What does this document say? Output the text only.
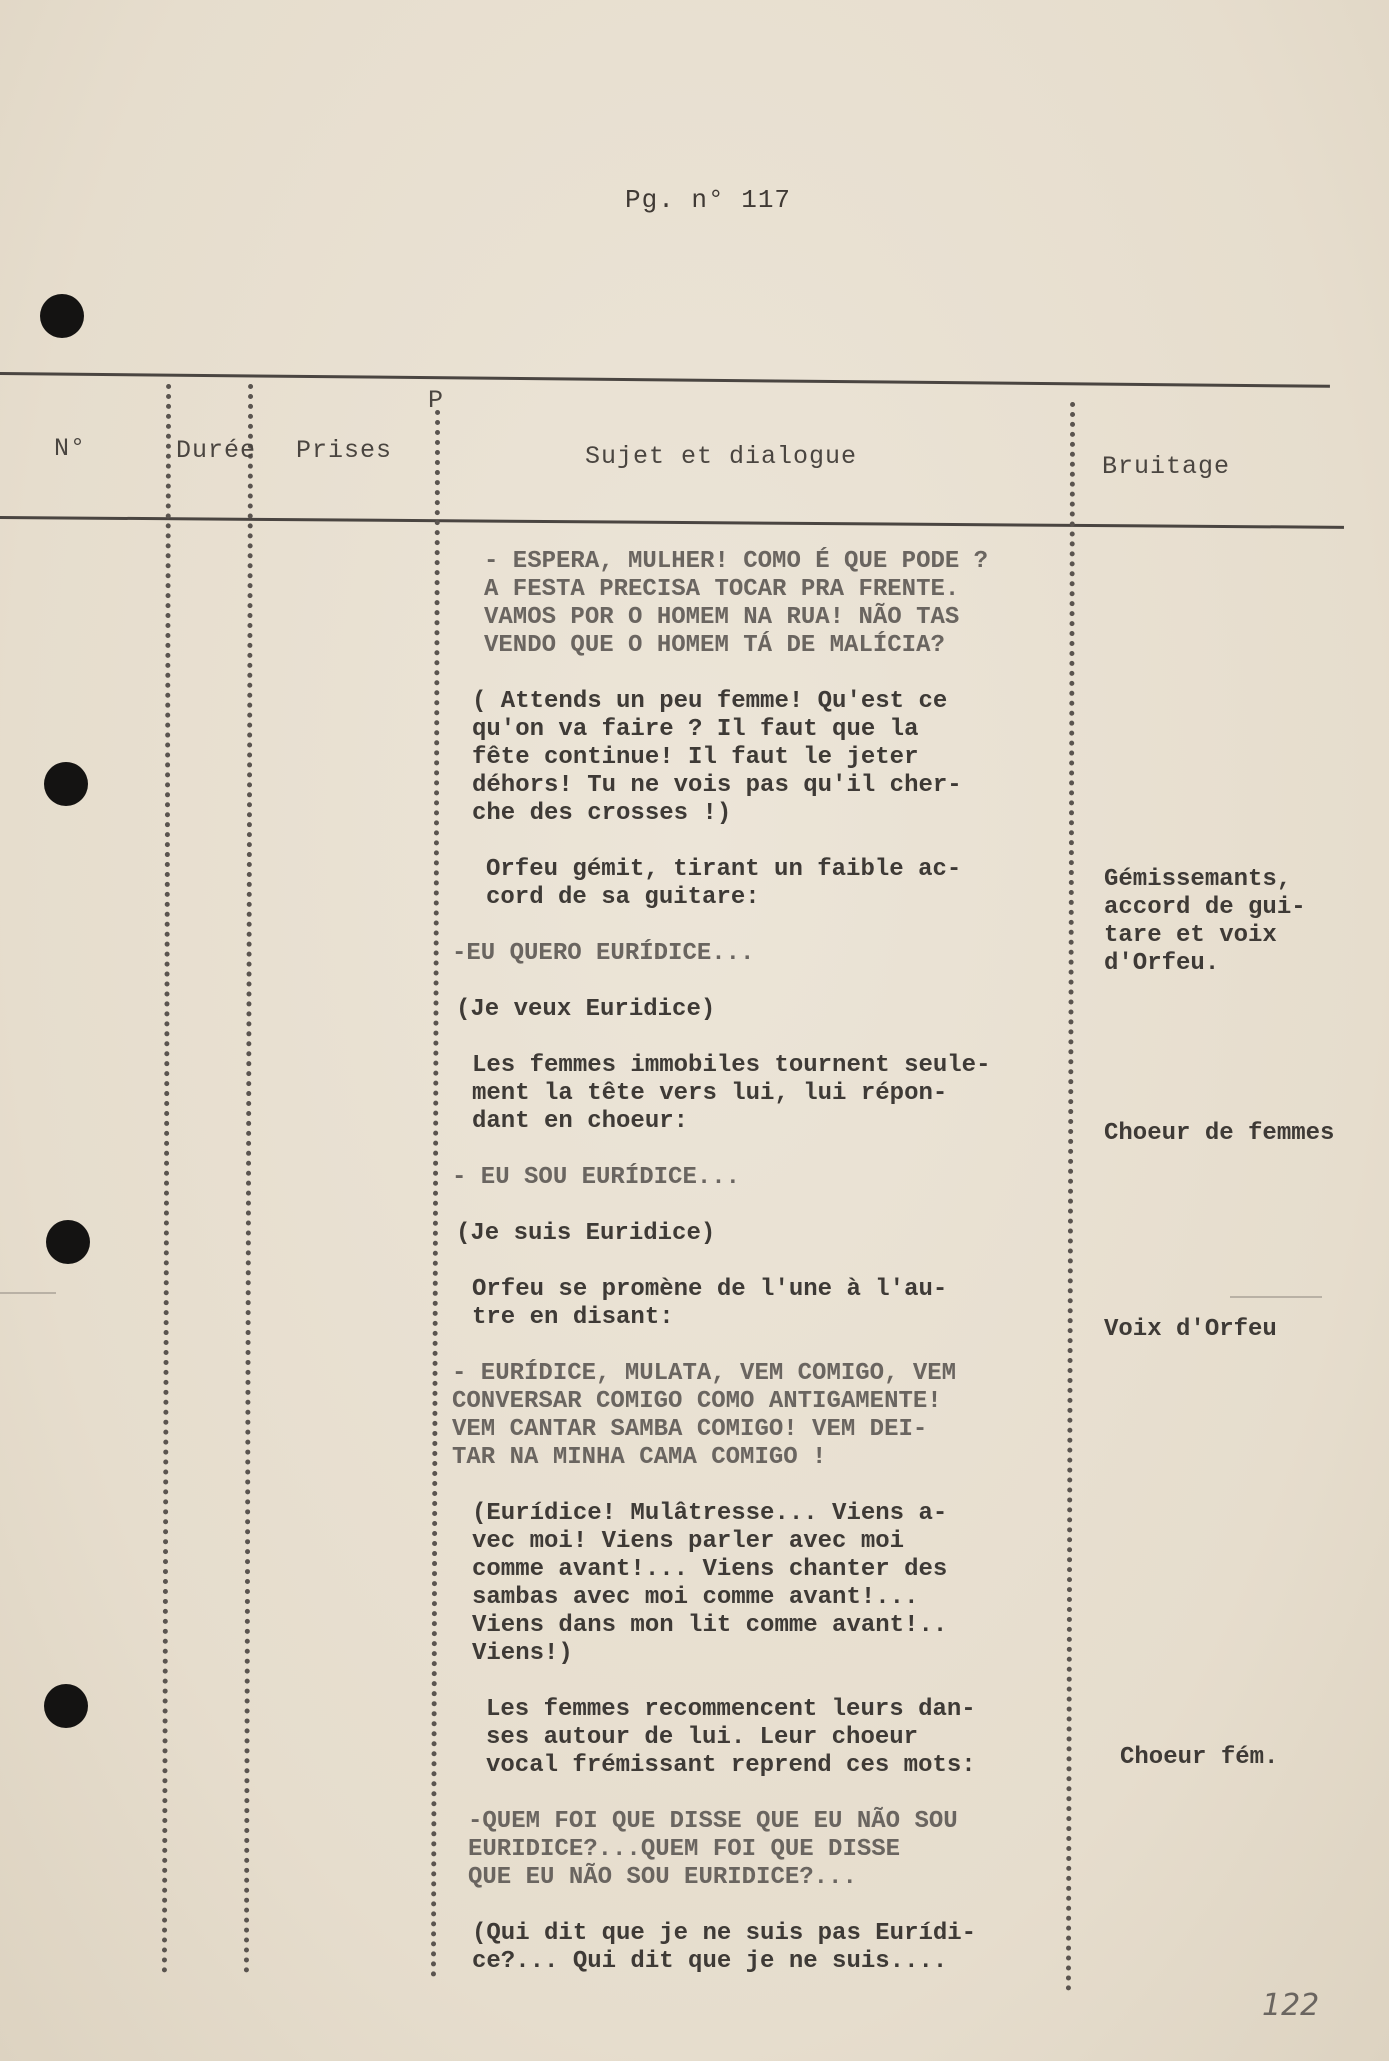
Pg. n° 117
N°	Durée Prises
P
Sujet et dialogue	Bruitage
- ESPERA, MULHER! COMO É QUE PODE ?
A FESTA PRECISA TOCAR PRA FRENTE.
VAMOS POR O HOMEM NA RUA! NÃO TAS
VENDO QUE O HOMEM TÁ DE MALÍCIA?
( Attends un peu femme! Qu'est ce
qu'on va faire ? Il faut que la
fête continue! Il faut le jeter
déhors! Tu ne vois pas qu'il cher-
che des crosses !)
Orfeu gémit, tirant un faible ac-
cord de sa guitare:
-EU QUERO EURÍDICE...
(Je veux Euridice)
Les femmes immobiles tournent seule-
ment la tête vers lui, lui répon-
dant en choeur:
- EU SOU EURÍDICE...
(Je suis Euridice)
Orfeu se promène de l'une à l'au-
tre en disant:
- EURÍDICE, MULATA, VEM COMIGO, VEM
CONVERSAR COMIGO COMO ANTIGAMENTE!
VEM CANTAR SAMBA COMIGO! VEM DEI-
TAR NA MINHA CAMA COMIGO !
(Eurídice! Mulâtresse... Viens a-
vec moi! Viens parler avec moi
comme avant!... Viens chanter des
sambas avec moi comme avant!...
Viens dans mon lit comme avant!..
Viens!)
Les femmes recommencent leurs dan-
ses autour de lui. Leur choeur
vocal frémissant reprend ces mots:
-QUEM FOI QUE DISSE QUE EU NÃO SOU
EURIDICE?...QUEM FOI QUE DISSE
QUE EU NÃO SOU EURIDICE?...
(Qui dit que je ne suis pas Eurídi-
ce?... Qui dit que je ne suis....
Gémissemants,
accord de gui-
tare et voix
d'Orfeu.
Choeur de femmes
Voix d'Orfeu
Choeur fém.
122
